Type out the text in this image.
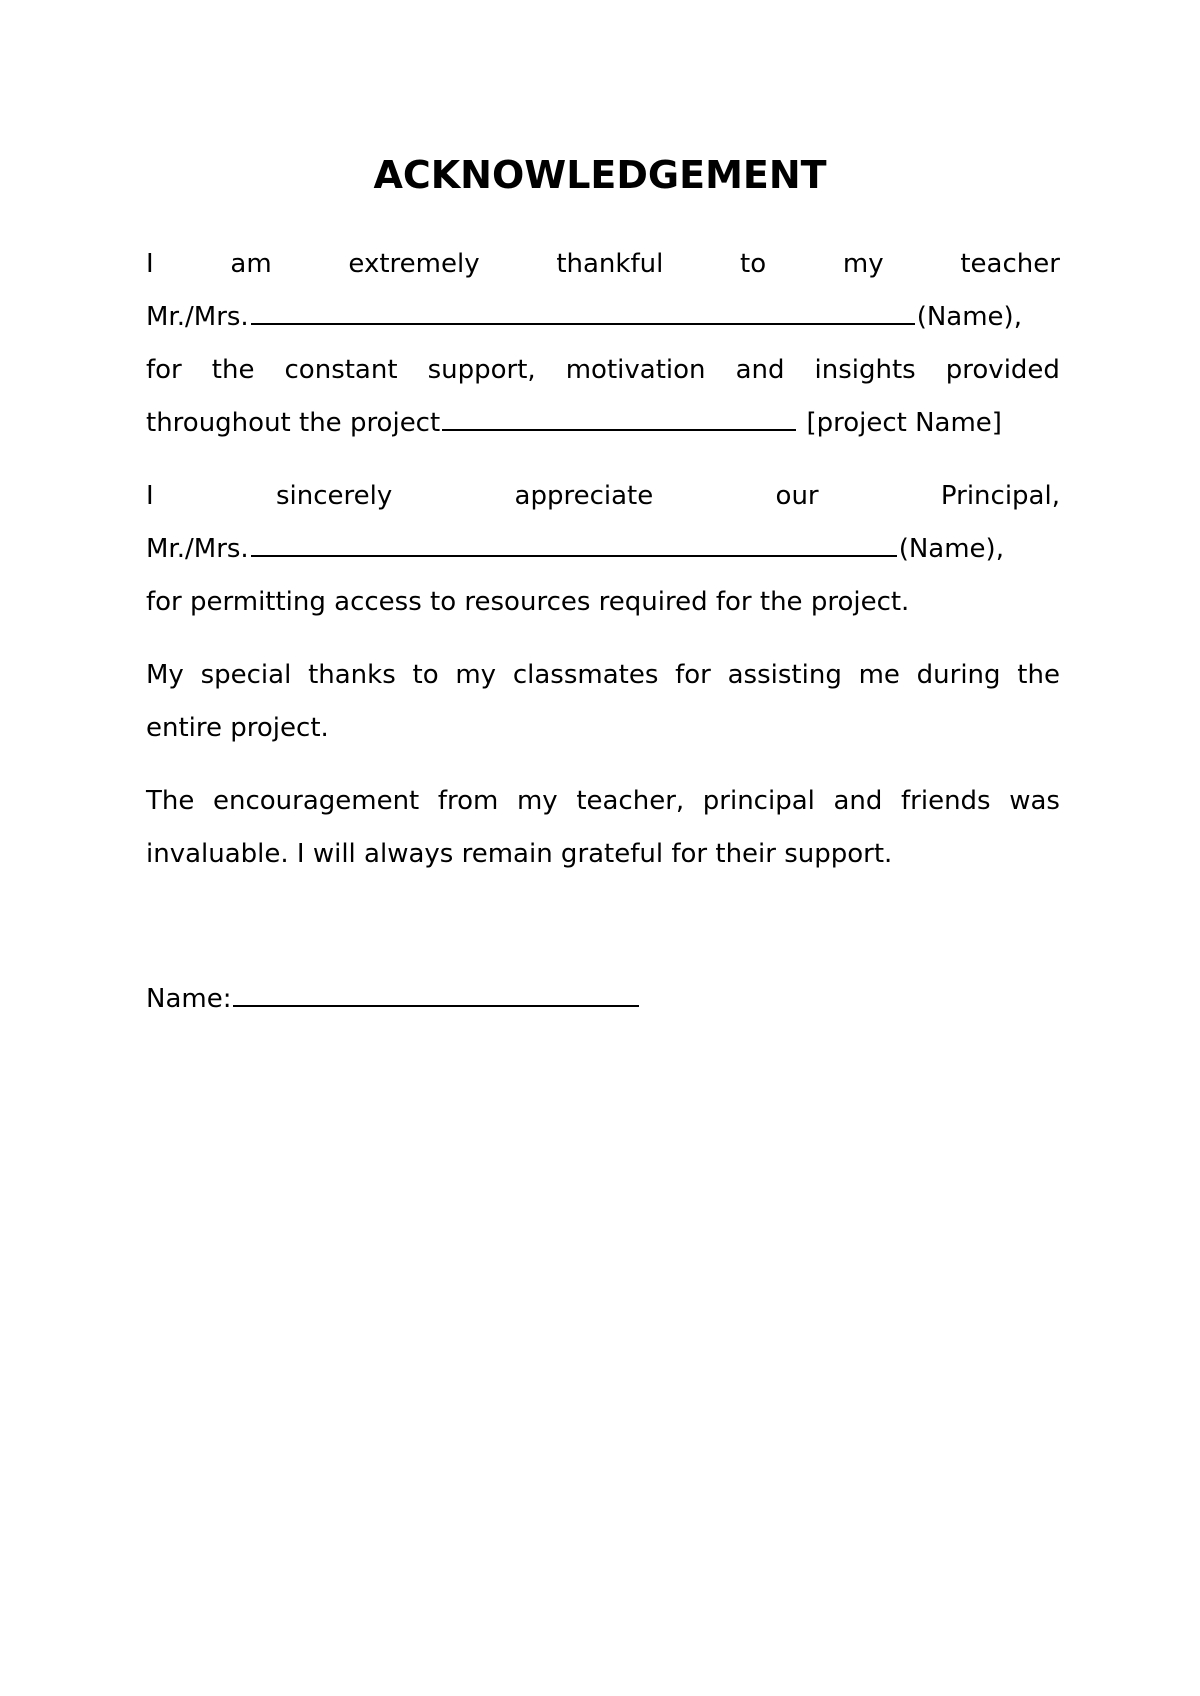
ACKNOWLEDGEMENT
I	am	extremely	thankful	to	my	teacher
Mr./Mrs.	(Name),
for the constant support, motivation and insights provided
throughout the project	[project Name]
I	sincerely	appreciate	our	Principal,
Mr./Mrs.	(Name),
for permitting access to resources required for the project.
My special thanks to my classmates for assisting me during the
entire project.
The encouragement from my teacher, principal and friends was
invaluable. I will always remain grateful for their support.
Name:
